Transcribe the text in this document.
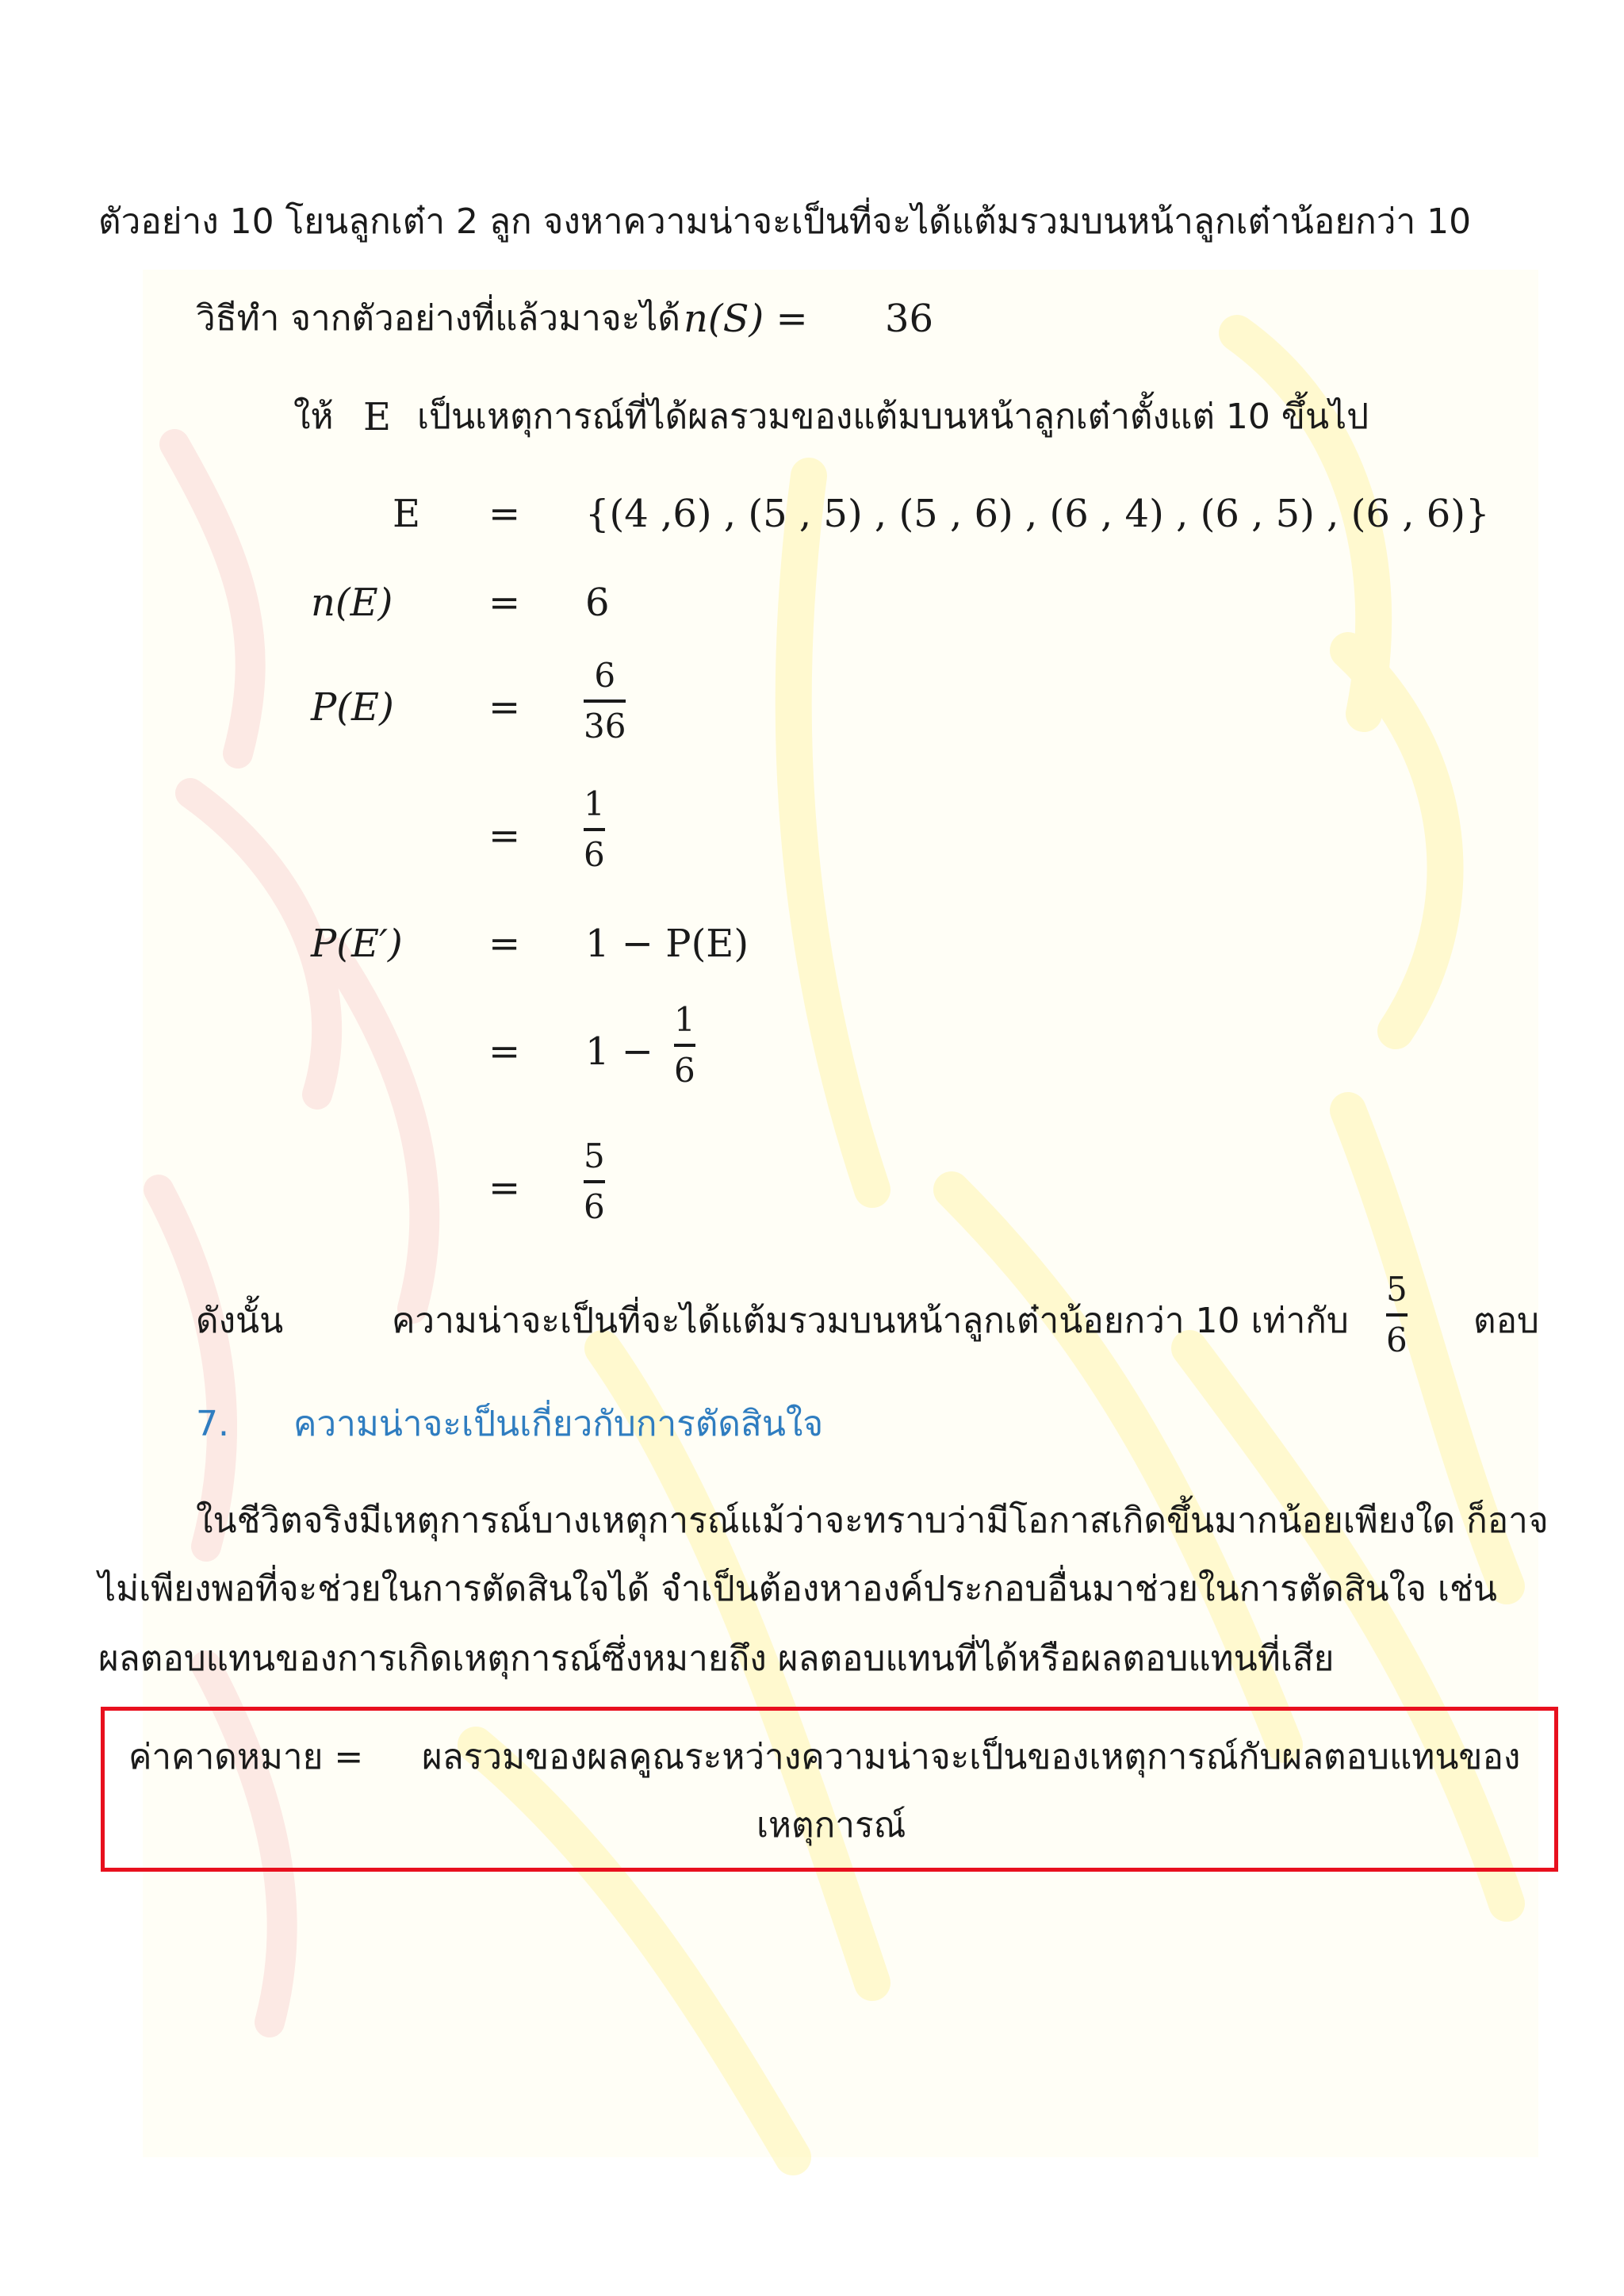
ตัวอย่าง 10 โยนลูกเต๋า 2 ลูก จงหาความน่าจะเป็นที่จะได้แต้มรวมบนหน้าลูกเต๋าน้อยกว่า 10
วิธีทำ จากตัวอย่างที่แล้วมาจะได้ n(S) = 36
ให้ E เป็นเหตุการณ์ที่ได้ผลรวมของแต้มบนหน้าลูกเต๋าตั้งแต่ 10 ขึ้นไป
E = {(4 ,6) , (5 , 5) , (5 , 6) , (6 , 4) , (6 , 5) , (6 , 6)}
n(E)	= 6
P(E) =
6
36
=
1
6
P(E′) = 1 − P(E)
= 1 −
1
6
=
5
6
ดังนั้น	ความน่าจะเป็นที่จะได้แต้มรวมบนหน้าลูกเต๋าน้อยกว่า 10 เท่ากับ
5
6 ตอบ
7. ความน่าจะเป็นเกี่ยวกับการตัดสินใจ
ในชีวิตจริงมีเหตุการณ์บางเหตุการณ์แม้ว่าจะทราบว่ามีโอกาสเกิดขึ้นมากน้อยเพียงใด ก็อาจ
ไม่เพียงพอที่จะช่วยในการตัดสินใจได้ จำเป็นต้องหาองค์ประกอบอื่นมาช่วยในการตัดสินใจ เช่น
ผลตอบแทนของการเกิดเหตุการณ์ซึ่งหมายถึง ผลตอบแทนที่ได้หรือผลตอบแทนที่เสีย
ค่าคาดหมาย = ผลรวมของผลคูณระหว่างความน่าจะเป็นของเหตุการณ์กับผลตอบแทนของ
เหตุการณ์
